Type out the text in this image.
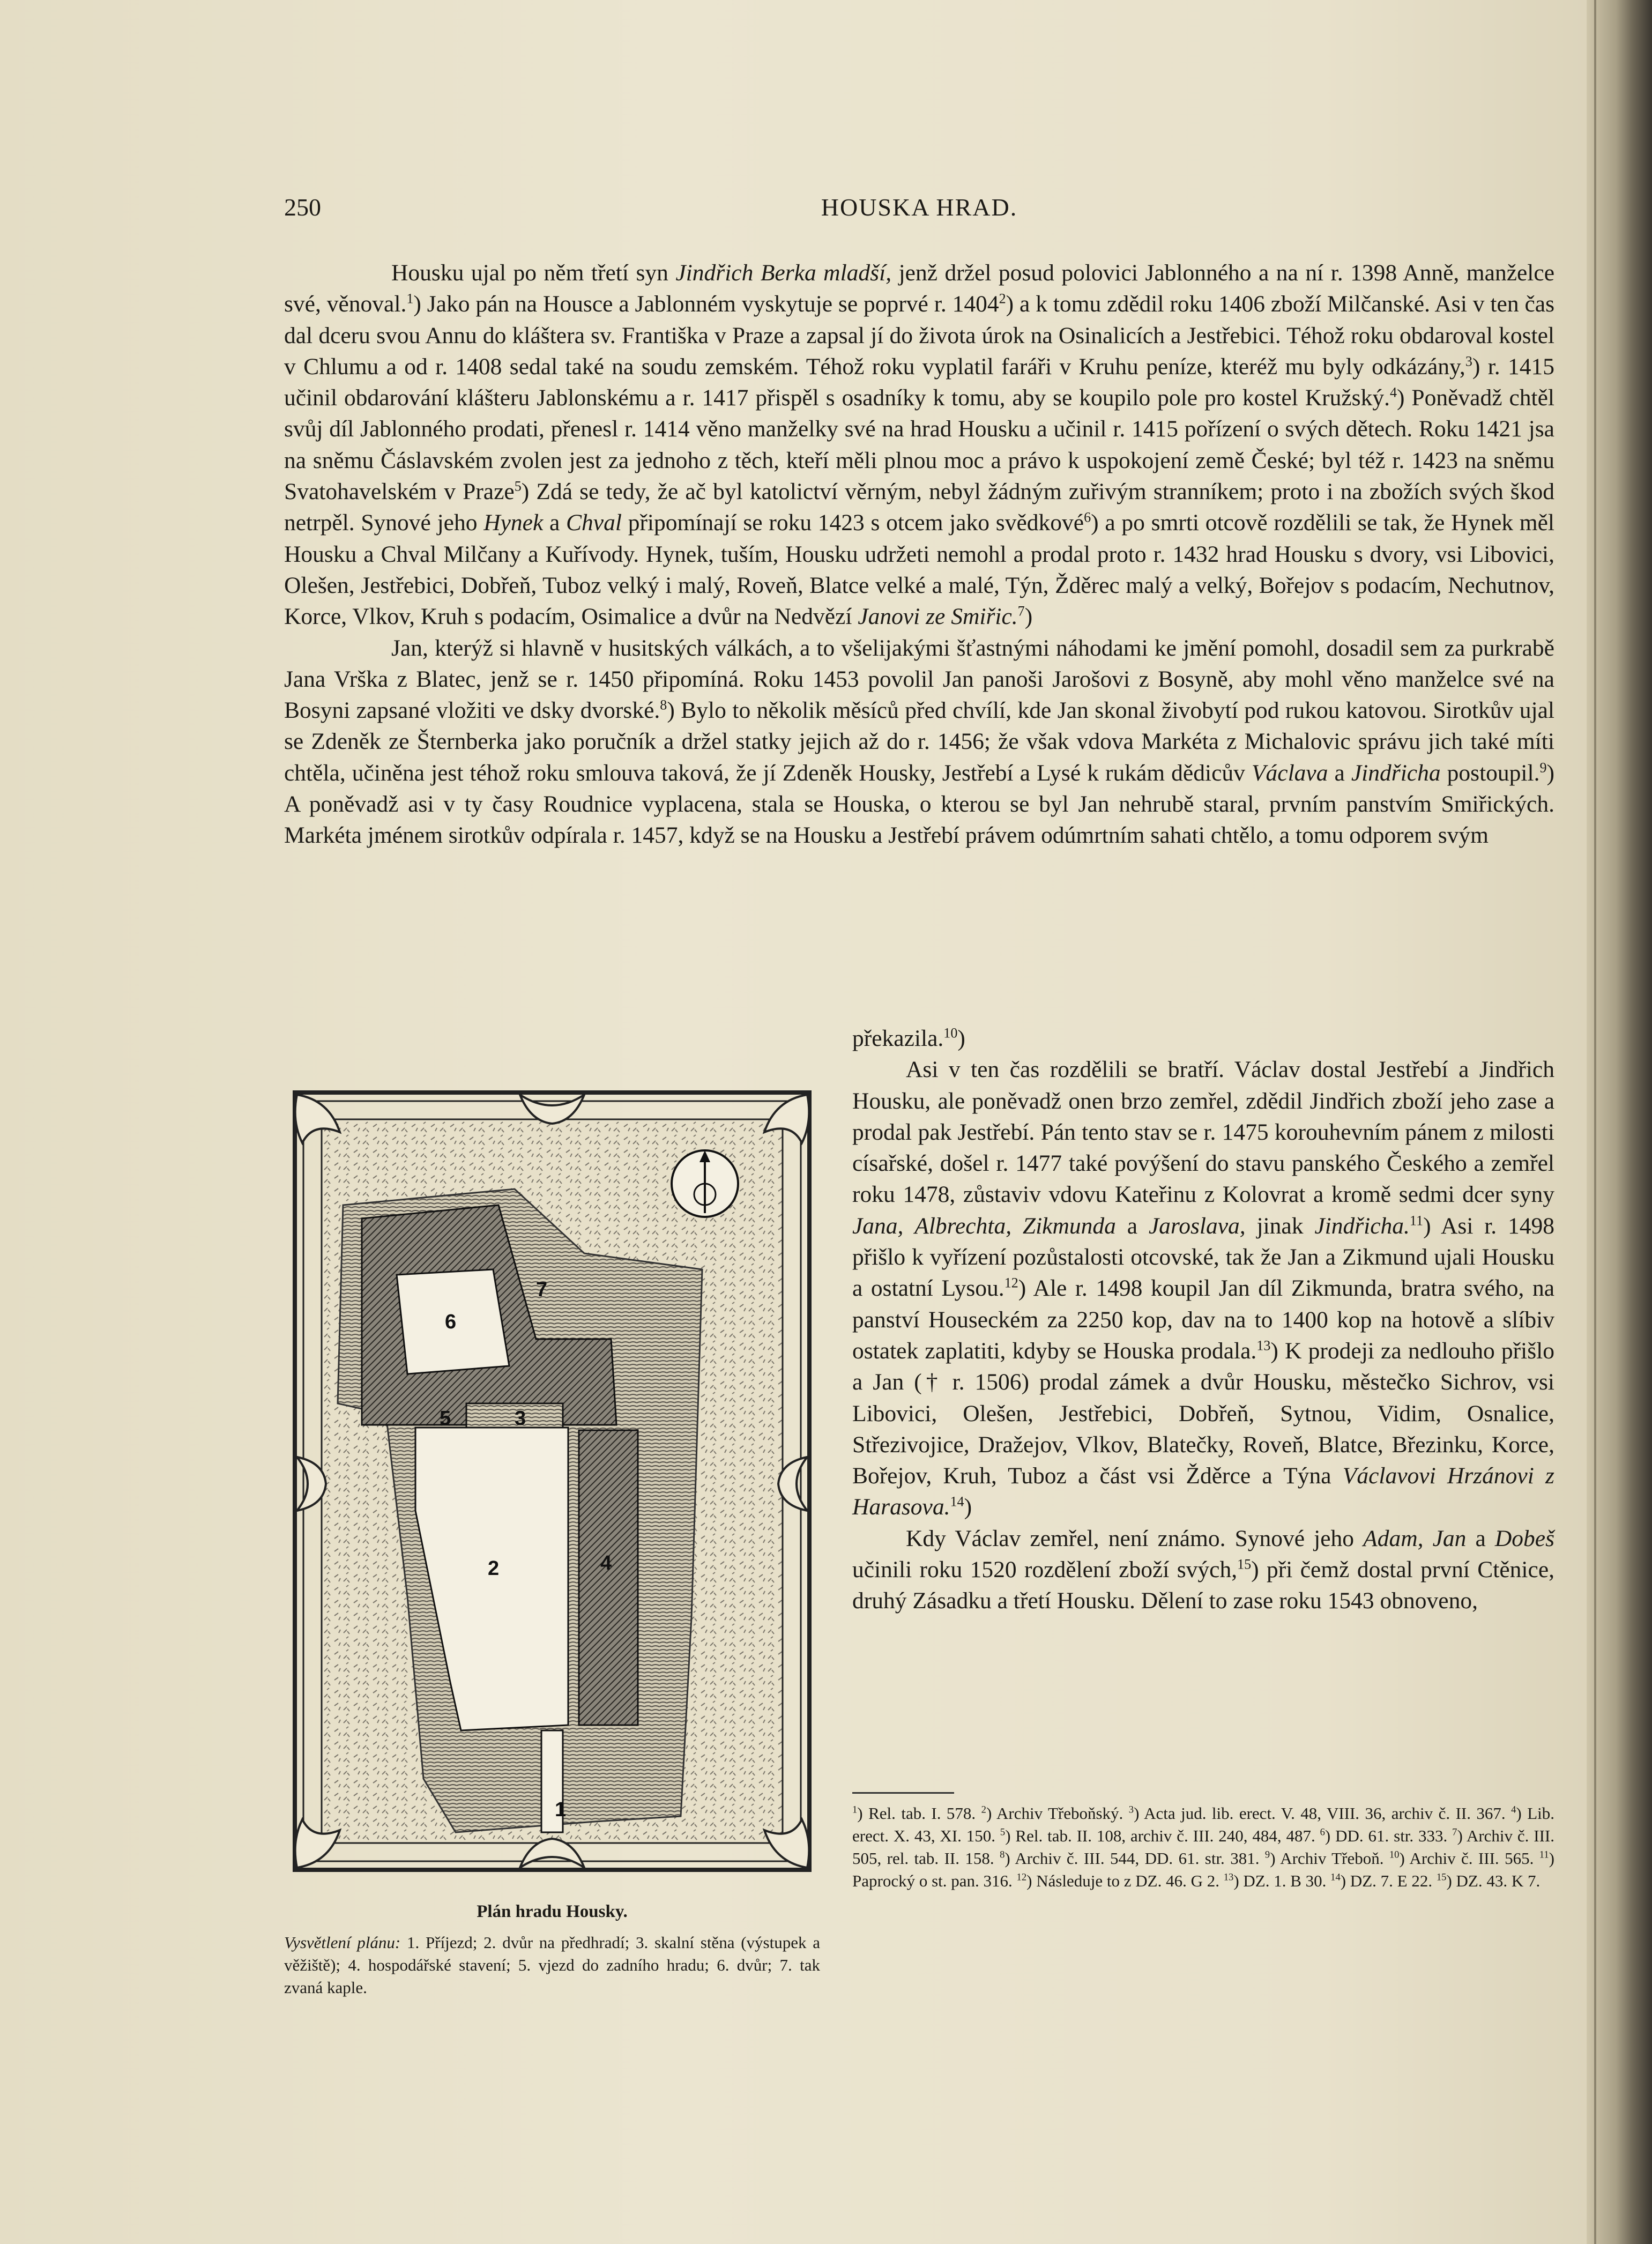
250	HOUSKA HRAD.

Housku ujal po něm třetí syn Jindřich Berka mladší, jenž držel posud polovici Jablonného a na ní r. 1398 Anně, manželce své, věnoval.$^1$) Jako pán na Housce a Jablonném vyskytuje se poprvé r. 1404$^2$) a k tomu zdědil roku 1406 zboží Milčanské. Asi v ten čas dal dceru svou Annu do kláštera sv. Františka v Praze a zapsal jí do života úrok na Osinalicích a Jestřebici. Téhož roku obdaroval kostel v Chlumu a od r. 1408 sedal také na soudu zemském. Téhož roku vyplatil faráři v Kruhu peníze, kteréž mu byly odkázány,$^3$) r. 1415 učinil obdarování klášteru Jablonskému a r. 1417 přispěl s osadníky k tomu, aby se koupilo pole pro kostel Kružský.$^4$) Poněvadž chtěl svůj díl Jablonného prodati, přenesl r. 1414 věno manželky své na hrad Housku a učinil r. 1415 pořízení o svých dětech. Roku 1421 jsa na sněmu Čáslavském zvolen jest za jednoho z těch, kteří měli plnou moc a právo k uspokojení země České; byl též r. 1423 na sněmu Svatohavelském v Praze$^5$) Zdá se tedy, že ač byl katolictví věrným, nebyl žádným zuřivým stranníkem; proto i na zbožích svých škod netrpěl. Synové jeho Hynek a Chval připomínají se roku 1423 s otcem jako svědkové$^6$) a po smrti otcově rozdělili se tak, že Hynek měl Housku a Chval Milčany a Kuřívody. Hynek, tuším, Housku udržeti nemohl a prodal proto r. 1432 hrad Housku s dvory, vsi Libovici, Olešen, Jestřebici, Dobřeň, Tuboz velký i malý, Roveň, Blatce velké a malé, Týn, Žděrec malý a velký, Bořejov s podacím, Nechutnov, Korce, Vlkov, Kruh s podacím, Osimalice a dvůr na Nedvězí Janovi ze Smiřic.$^7$)

Jan, kterýž si hlavně v husitských válkách, a to všelijakými šťastnými náhodami ke jmění pomohl, dosadil sem za purkrabě Jana Vrška z Blatec, jenž se r. 1450 připomíná. Roku 1453 povolil Jan panoši Jarošovi z Bosyně, aby mohl věno manželce své na Bosyni zapsané vložiti ve dsky dvorské.$^8$) Bylo to několik měsíců před chvílí, kde Jan skonal živobytí pod rukou katovou. Sirotkův ujal se Zdeněk ze Šternberka jako poručník a držel statky jejich až do r. 1456; že však vdova Markéta z Michalovic správu jich také míti chtěla, učiněna jest téhož roku smlouva taková, že jí Zdeněk Housky, Jestřebí a Lysé k rukám dědicův Václava a Jindřicha postoupil.$^9$) A poněvadž asi v ty časy Roudnice vyplacena, stala se Houska, o kterou se byl Jan nehrubě staral, prvním panstvím Smiřických. Markéta jménem sirotkův odpírala r. 1457, když se na Housku a Jestřebí právem odúmrtním sahati chtělo, a tomu odporem svým

1
2
3
4
5
6
7
Plán hradu Housky.
Vysvětlení plánu: 1. Příjezd; 2. dvůr na předhradí; 3. skalní stěna (výstupek a věžiště); 4. hospodářské stavení; 5. vjezd do zadního hradu; 6. dvůr; 7. tak zvaná kaple.

překazila.$^{10}$)

Asi v ten čas rozdělili se bratří. Václav dostal Jestřebí a Jindřich Housku, ale poněvadž onen brzo zemřel, zdědil Jindřich zboží jeho zase a prodal pak Jestřebí. Pán tento stav se r. 1475 korouhevním pánem z milosti císařské, došel r. 1477 také povýšení do stavu panského Českého a zemřel roku 1478, zůstaviv vdovu Kateřinu z Kolovrat a kromě sedmi dcer syny Jana, Albrechta, Zikmunda a Jaroslava, jinak Jindřicha.$^{11}$) Asi r. 1498 přišlo k vyřízení pozůstalosti otcovské, tak že Jan a Zikmund ujali Housku a ostatní Lysou.$^{12}$) Ale r. 1498 koupil Jan díl Zikmunda, bratra svého, na panství Houseckém za 2250 kop, dav na to 1400 kop na hotově a slíbiv ostatek zaplatiti, kdyby se Houska prodala.$^{13}$) K prodeji za nedlouho přišlo a Jan († r. 1506) prodal zámek a dvůr Housku, městečko Sichrov, vsi Libovici, Olešen, Jestřebici, Dobřeň, Sytnou, Vidim, Osnalice, Střezivojice, Dražejov, Vlkov, Blatečky, Roveň, Blatce, Březinku, Korce, Bořejov, Kruh, Tuboz a část vsi Žděrce a Týna Václavovi Hrzánovi z Harasova.$^{14}$)

Kdy Václav zemřel, není známo. Synové jeho Adam, Jan a Dobeš učinili roku 1520 rozdělení zboží svých,$^{15}$) při čemž dostal první Ctěnice, druhý Zásadku a třetí Housku. Dělení to zase roku 1543 obnoveno,

$^1$) Rel. tab. I. 578. $^2$) Archiv Třeboňský. $^3$) Acta jud. lib. erect. V. 48, VIII. 36, archiv č. II. 367. $^4$) Lib. erect. X. 43, XI. 150. $^5$) Rel. tab. II. 108, archiv č. III. 240, 484, 487. $^6$) DD. 61. str. 333. $^7$) Archiv č. III. 505, rel. tab. II. 158. $^8$) Archiv č. III. 544, DD. 61. str. 381. $^9$) Archiv Třeboň. $^{10}$) Archiv č. III. 565. $^{11}$) Paprocký o st. pan. 316. $^{12}$) Následuje to z DZ. 46. G 2. $^{13}$) DZ. 1. B 30. $^{14}$) DZ. 7. E 22. $^{15}$) DZ. 43. K 7.
